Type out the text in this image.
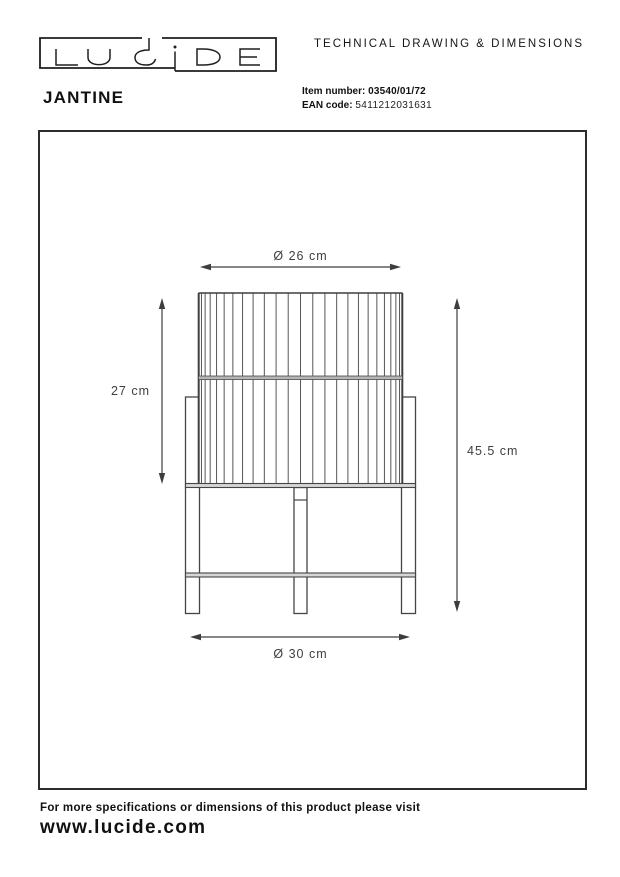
TECHNICAL DRAWING & DIMENSIONS
JANTINE	Item number: 03540/01/72
EAN code: 5411212031631
Ø 26 cm
27 cm
45.5 cm
Ø 30 cm
For more specifications or dimensions of this product please visit
www.lucide.com
